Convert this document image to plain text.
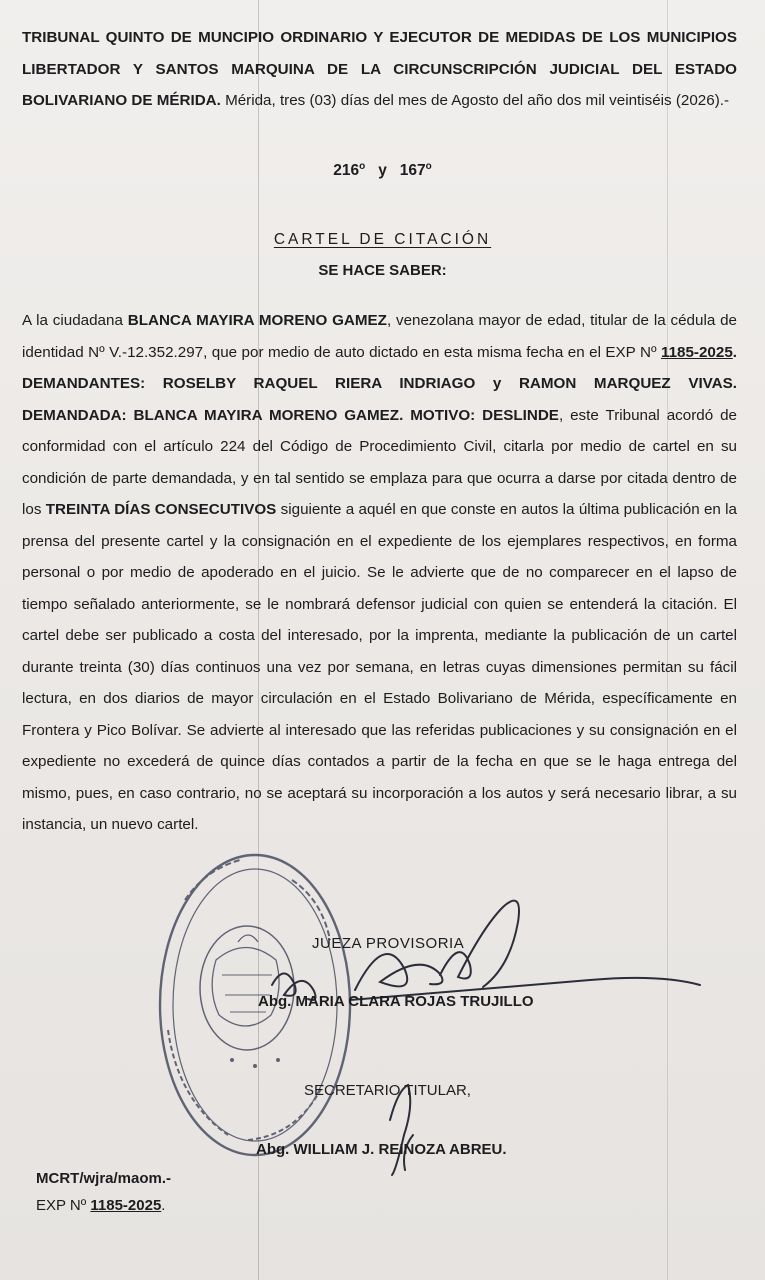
TRIBUNAL QUINTO DE MUNCIPIO ORDINARIO Y EJECUTOR DE MEDIDAS DE LOS MUNICIPIOS LIBERTADOR Y SANTOS MARQUINA DE LA CIRCUNSCRIPCIÓN JUDICIAL DEL ESTADO BOLIVARIANO DE MÉRIDA. Mérida, tres (03) días del mes de Agosto del año dos mil veintiséis (2026).-
216$^o$ y 167$^o$
CARTEL DE CITACIÓN
SE HACE SABER:
A la ciudadana BLANCA MAYIRA MORENO GAMEZ, venezolana mayor de edad, titular de la cédula de identidad Nº V.-12.352.297, que por medio de auto dictado en esta misma fecha en el EXP Nº 1185-2025. DEMANDANTES: ROSELBY RAQUEL RIERA INDRIAGO y RAMON MARQUEZ VIVAS. DEMANDADA: BLANCA MAYIRA MORENO GAMEZ. MOTIVO: DESLINDE, este Tribunal acordó de conformidad con el artículo 224 del Código de Procedimiento Civil, citarla por medio de cartel en su condición de parte demandada, y en tal sentido se emplaza para que ocurra a darse por citada dentro de los TREINTA DÍAS CONSECUTIVOS siguiente a aquél en que conste en autos la última publicación en la prensa del presente cartel y la consignación en el expediente de los ejemplares respectivos, en forma personal o por medio de apoderado en el juicio. Se le advierte que de no comparecer en el lapso de tiempo señalado anteriormente, se le nombrará defensor judicial con quien se entenderá la citación. El cartel debe ser publicado a costa del interesado, por la imprenta, mediante la publicación de un cartel durante treinta (30) días continuos una vez por semana, en letras cuyas dimensiones permitan su fácil lectura, en dos diarios de mayor circulación en el Estado Bolivariano de Mérida, específicamente en Frontera y Pico Bolívar. Se advierte al interesado que las referidas publicaciones y su consignación en el expediente no excederá de quince días contados a partir de la fecha en que se le haga entrega del mismo, pues, en caso contrario, no se aceptará su incorporación a los autos y será necesario librar, a su instancia, un nuevo cartel.
JUEZA PROVISORIA
Abg. MARIA CLARA ROJAS TRUJILLO
SECRETARIO TITULAR,
Abg. WILLIAM J. REINOZA ABREU.
MCRT/wjra/maom.-
EXP Nº 1185-2025.
